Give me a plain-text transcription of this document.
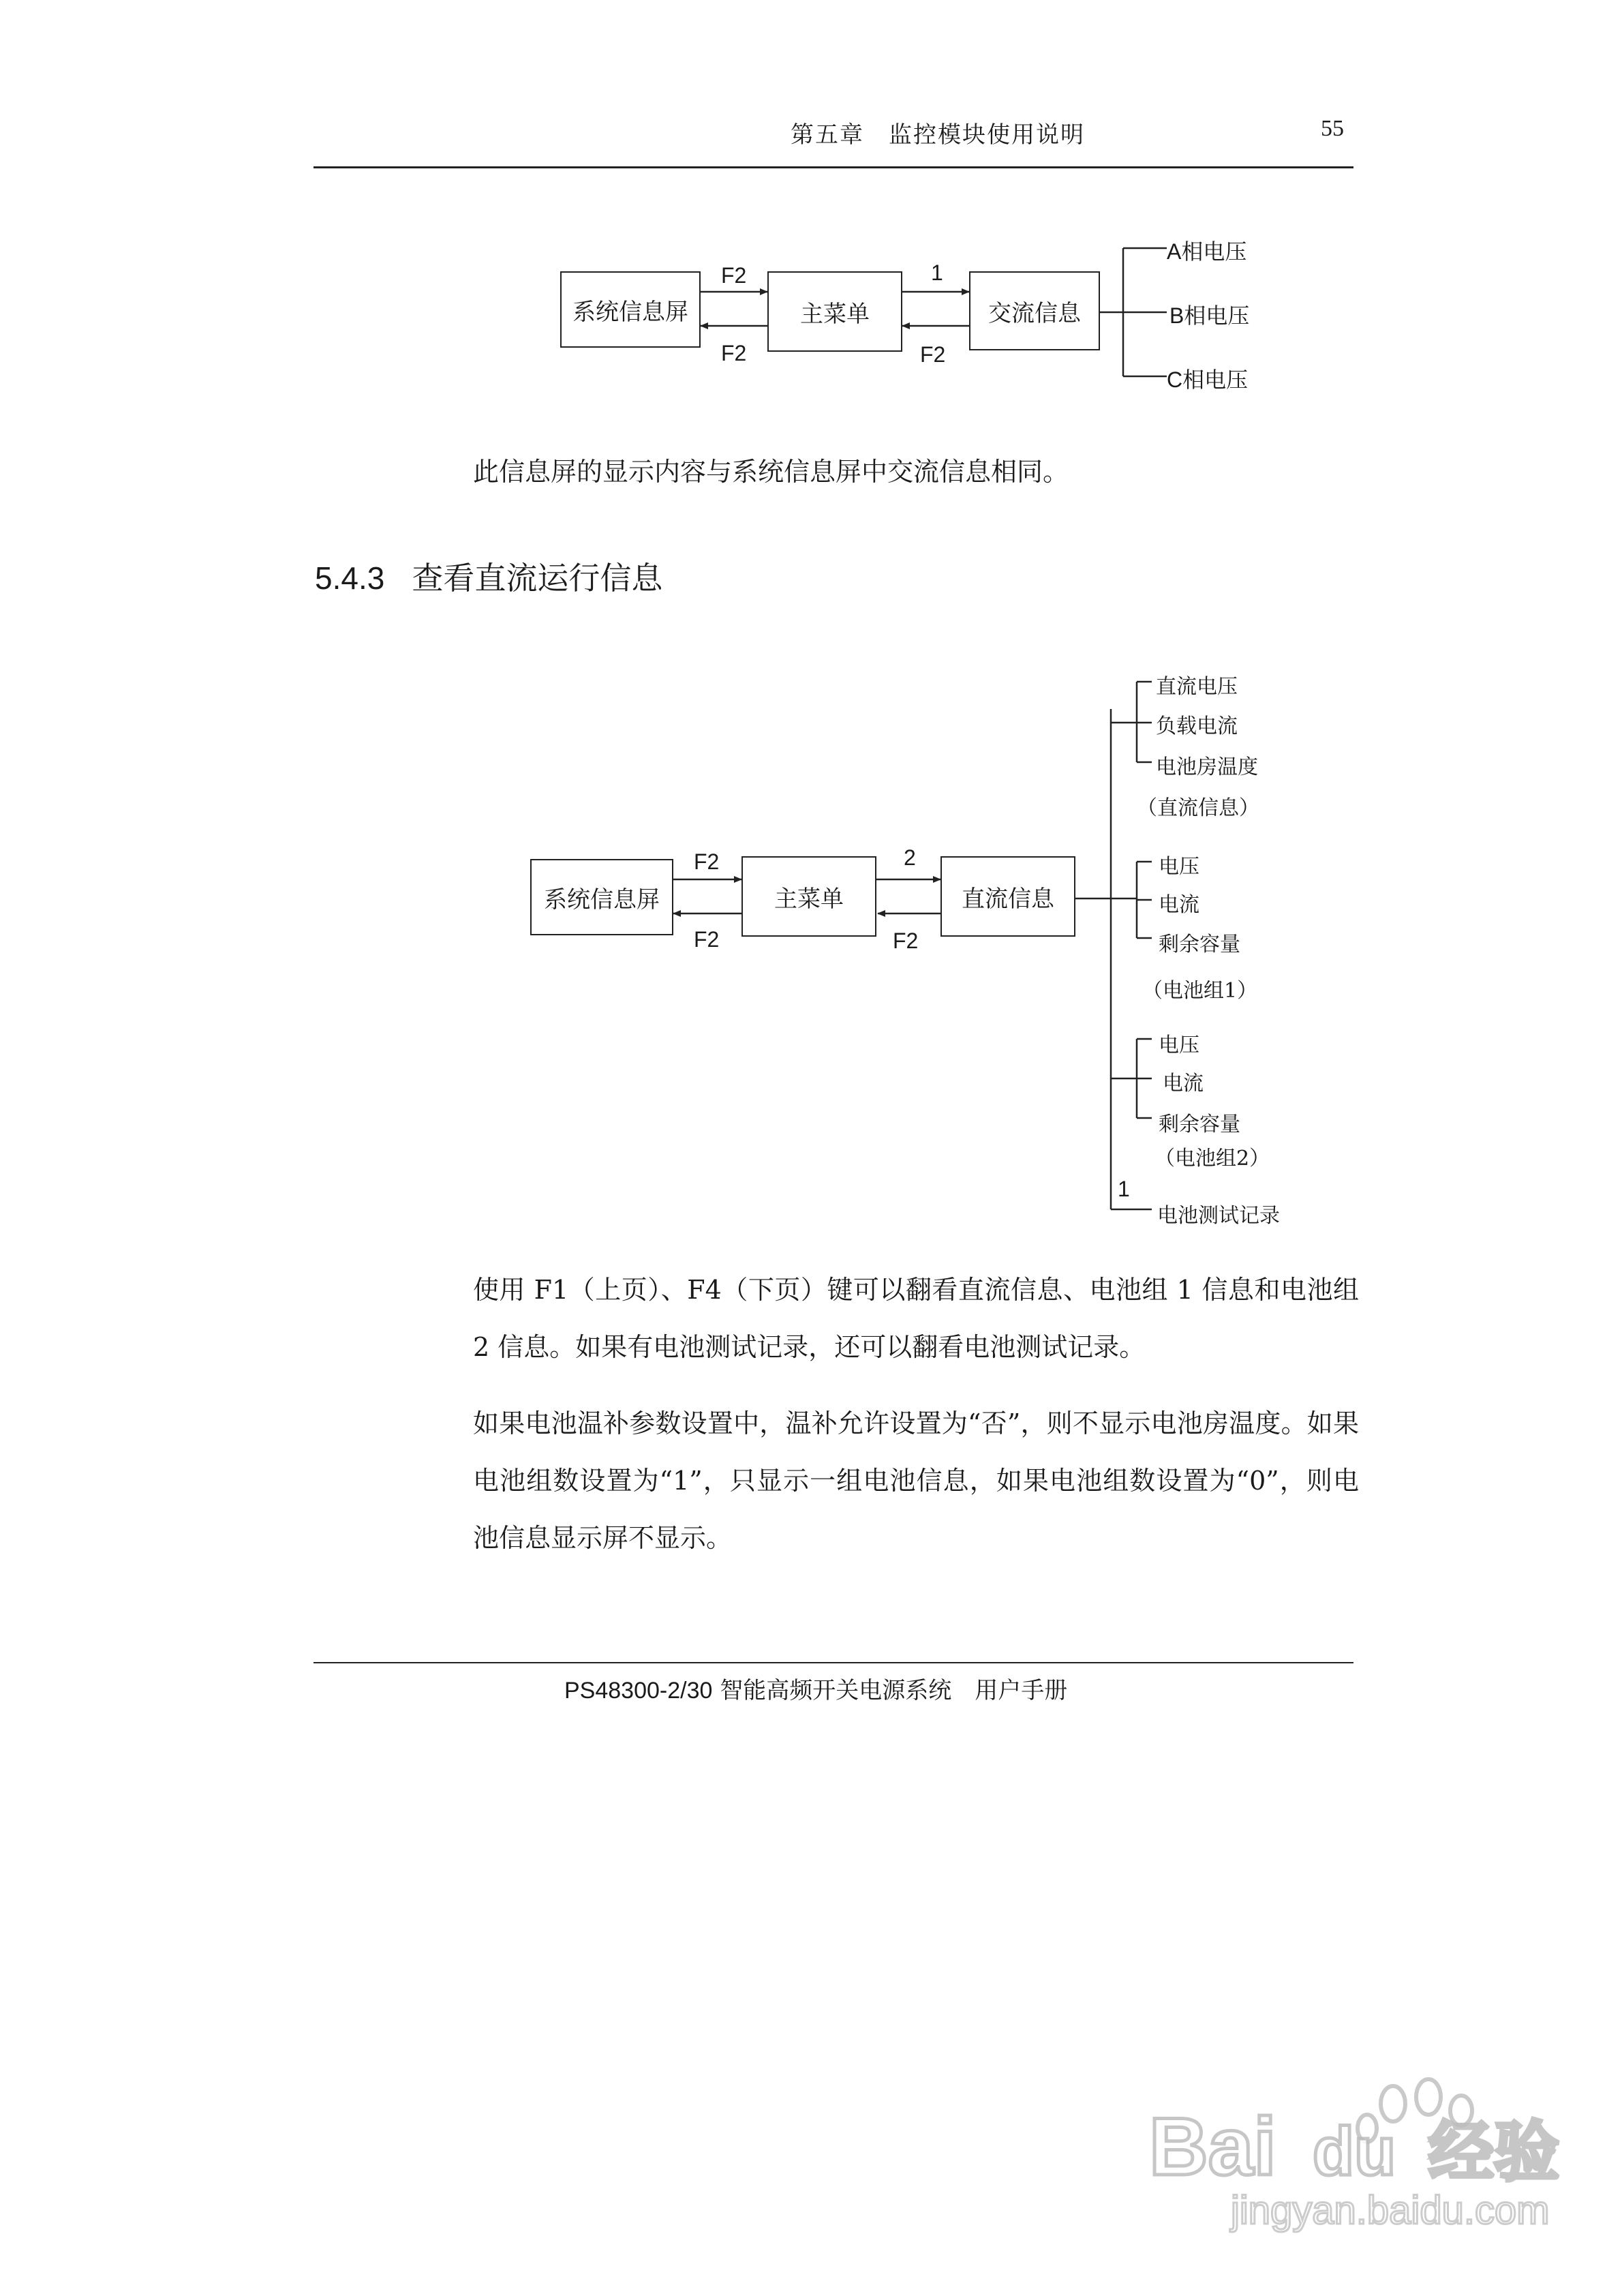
第五章　监控模块使用说明	55
系统信息屏	主菜单	交流信息
F2
F2
1
F2
A相电压
B相电压
C相电压
此信息屏的显示内容与系统信息屏中交流信息相同。
5.4.3 查看直流运行信息
系统信息屏	主菜单	直流信息
F2
F2
2
F2
直流电压
负载电流
电池房温度
（直流信息）
电压
电流
剩余容量
（电池组1）
电压
电流
剩余容量
（电池组2）
1
电池测试记录
使用 F1（上页）、F4（下页）键可以翻看直流信息、电池组 1 信息和电池组 2 信息。如果有电池测试记录，还可以翻看电池测试记录。
如果电池温补参数设置中，温补允许设置为“否”，则不显示电池房温度。如果电池组数设置为“1”，只显示一组电池信息，如果电池组数设置为“0”，则电池信息显示屏不显示。
PS48300-2/30 智能高频开关电源系统　用户手册
Bai du 经验
jingyan.baidu.com
